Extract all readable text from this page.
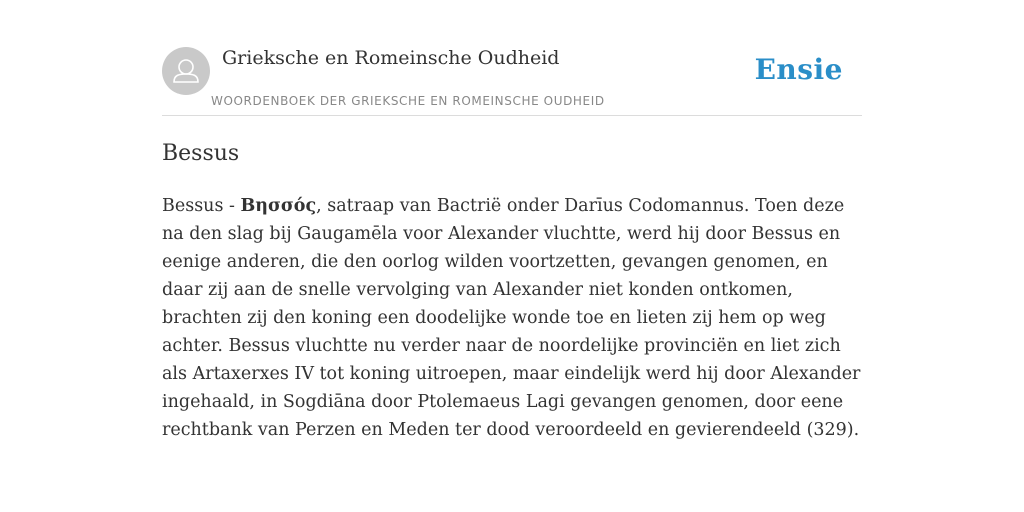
Grieksche en Romeinsche Oudheid
WOORDENBOEK DER GRIEKSCHE EN ROMEINSCHE OUDHEID
Ensie
Bessus

Bessus - Βησσός, satraap van Bactrië onder Darīus Codomannus. Toen deze na den slag bij Gaugamēla voor Alexander vluchtte, werd hij door Bessus en eenige anderen, die den oorlog wilden voortzetten, gevangen genomen, en daar zij aan de snelle vervolging van Alexander niet konden ontkomen, brachten zij den koning een doodelijke wonde toe en lieten zij hem op weg achter. Bessus vluchtte nu verder naar de noordelijke provinciën en liet zich als Artaxerxes IV tot koning uitroepen, maar eindelijk werd hij door Alexander ingehaald, in Sogdiāna door Ptolemaeus Lagi gevangen genomen, door eene rechtbank van Perzen en Meden ter dood veroordeeld en gevierendeeld (329).
